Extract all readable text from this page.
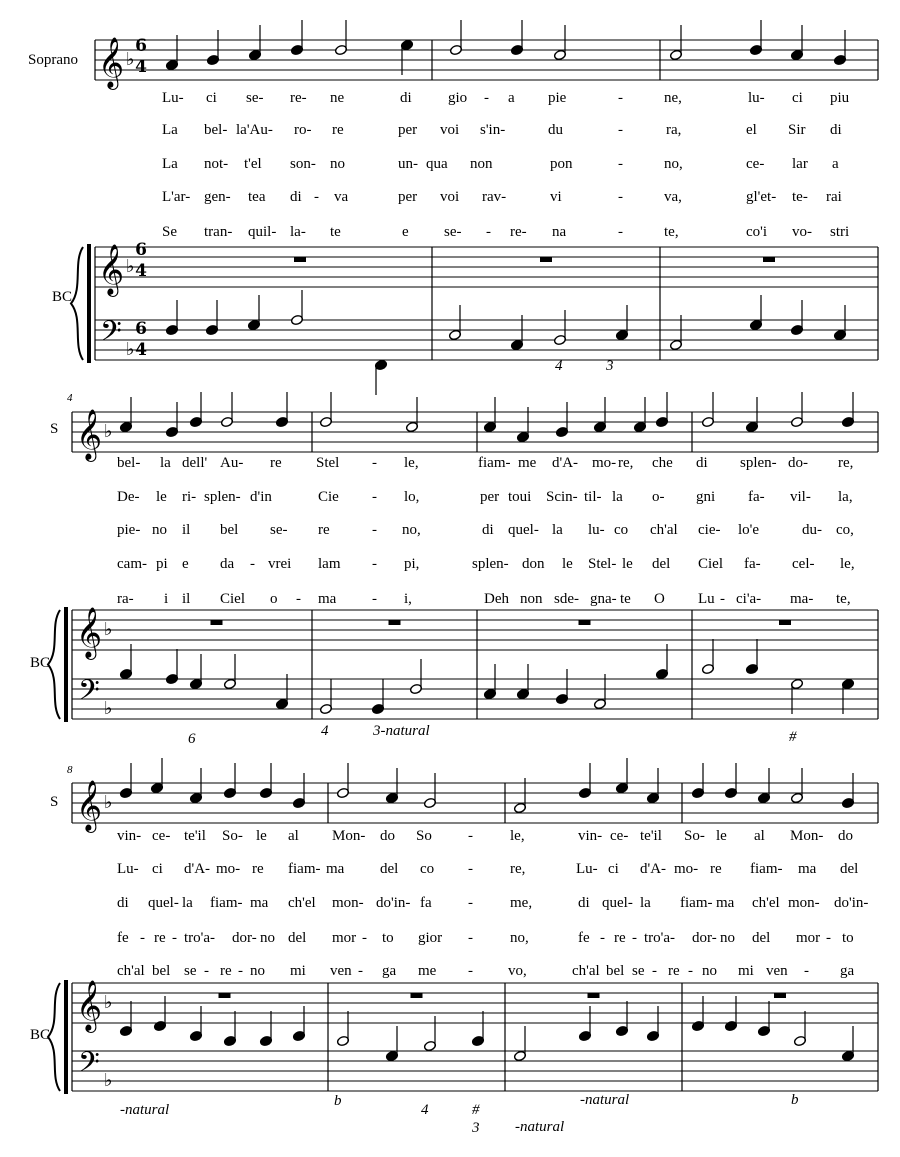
𝄞
𝄞
𝄢
♭
♭
♭
𝄞
𝄞
𝄢
♭
♭
♭
𝄞
𝄞
𝄢
♭
♭
♭
Soprano
BC
S
BC
S
BC
4
8
6
4
6
4
6
4
Lu- ci se- re- ne	di gio - a pie	-	ne,	lu- ci piu
La bel- la'Au- ro- re	per voi s'in-	du	-	ra,	el Sir di
La not- t'el son- no	un- qua non	pon	-	no,	ce- lar a
L'ar- gen- tea di - va	per voi rav-	vi	-	va,	gl'et- te- rai
Se tran- quil- la- te	e se- - re- na	-	te,	co'i vo- stri
4	3
bel- la dell' Au- re Stel - le,	fiam- me d'A- mo- re, che di splen- do- re,
De- le ri- splen- d'in	Cie - lo,	per toui Scin- til- la o- gni fa- vil- la,
pie- no il bel se- re	- no,	di quel- la lu- co ch'al cie- lo'e	du- co,
cam- pi e da - vrei lam - pi,	splen- don le Stel- le del Ciel fa- cel- le,
ra- i il Ciel o - ma - i,	Deh non sde- gna- te O Lu - ci'a- ma- te,
6	4	3-natural	#
vin- ce- te'il So- le al Mon- do So - le,	vin- ce- te'il So- le al Mon- do
Lu- ci d'A- mo- re fiam- ma del co - re,	Lu- ci d'A- mo- re fiam- ma del
di quel- la fiam- ma ch'el mon- do'in- fa - me,	di quel- la fiam- ma ch'el mon- do'in-
fe - re - tro'a- dor- no del mor - to gior - no,	fe - re - tro'a- dor- no del mor - to
ch'al bel se - re - no mi ven - ga me - vo,	ch'al bel se - re - no mi ven - ga
-natural
b
4	#
3 -natural
-natural	b
